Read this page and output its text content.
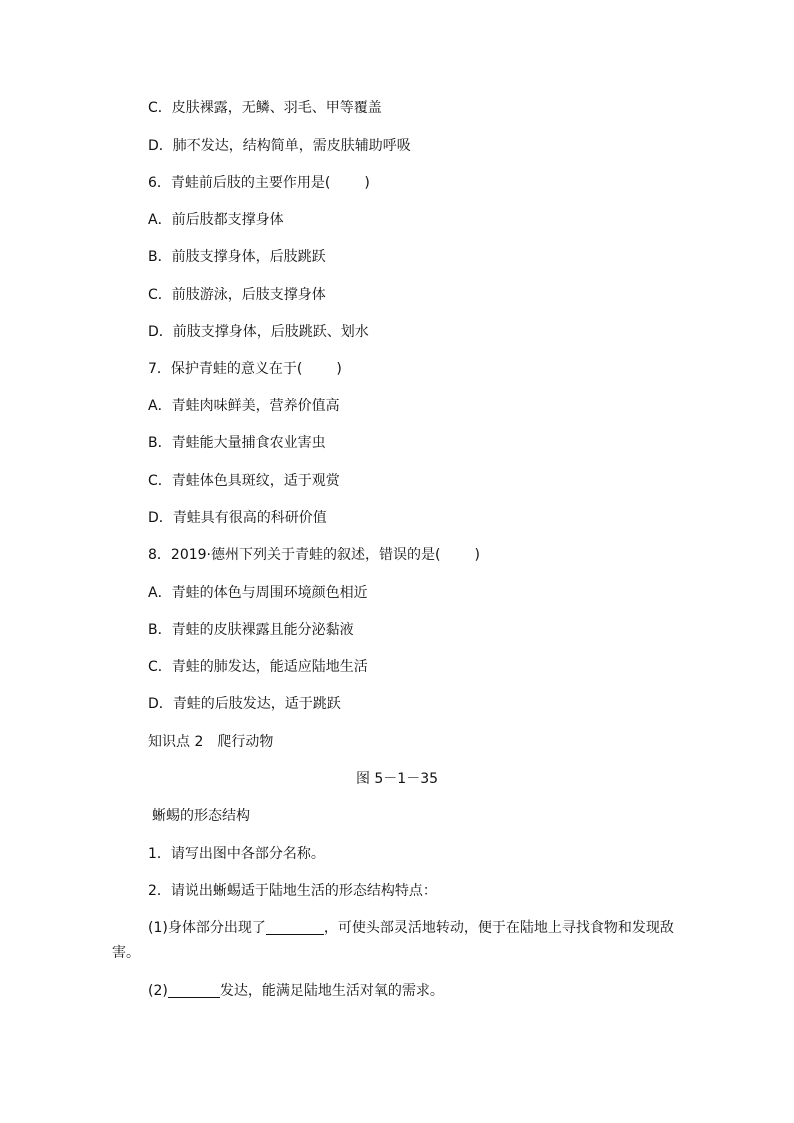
C．皮肤裸露，无鳞、羽毛、甲等覆盖
D．肺不发达，结构简单，需皮肤辅助呼吸
6．青蛙前后肢的主要作用是( )
A．前后肢都支撑身体
B．前肢支撑身体，后肢跳跃
C．前肢游泳，后肢支撑身体
D．前肢支撑身体，后肢跳跃、划水
7．保护青蛙的意义在于( )
A．青蛙肉味鲜美，营养价值高
B．青蛙能大量捕食农业害虫
C．青蛙体色具斑纹，适于观赏
D．青蛙具有很高的科研价值
8．2019·德州下列关于青蛙的叙述，错误的是( )
A．青蛙的体色与周围环境颜色相近
B．青蛙的皮肤裸露且能分泌黏液
C．青蛙的肺发达，能适应陆地生活
D．青蛙的后肢发达，适于跳跃
知识点 2　爬行动物
图 5－1－35
蜥蜴的形态结构
1．请写出图中各部分名称。
2．请说出蜥蜴适于陆地生活的形态结构特点：
(1)身体部分出现了	，可使头部灵活地转动，便于在陆地上寻找食物和发现敌
害。
(2)	发达，能满足陆地生活对氧的需求。
